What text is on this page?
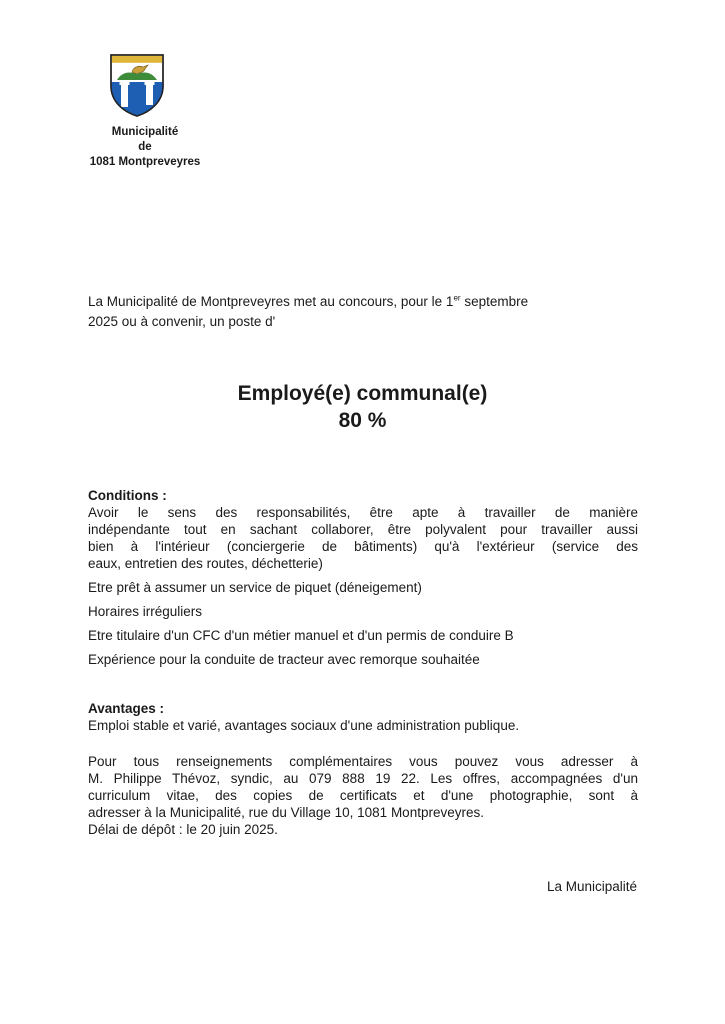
Municipalité
de
1081 Montpreveyres
La Municipalité de Montpreveyres met au concours, pour le 1er septembre
2025 ou à convenir, un poste d'
Employé(e) communal(e)
80 %
Conditions :
Avoir le sens des responsabilités, être apte à travailler de manière
indépendante tout en sachant collaborer, être polyvalent pour travailler aussi
bien à l'intérieur (conciergerie de bâtiments) qu'à l'extérieur (service des
eaux, entretien des routes, déchetterie)
Etre prêt à assumer un service de piquet (déneigement)
Horaires irréguliers
Etre titulaire d'un CFC d'un métier manuel et d'un permis de conduire B
Expérience pour la conduite de tracteur avec remorque souhaitée
Avantages :
Emploi stable et varié, avantages sociaux d'une administration publique.
Pour tous renseignements complémentaires vous pouvez vous adresser à
M. Philippe Thévoz, syndic, au 079 888 19 22. Les offres, accompagnées d'un
curriculum vitae, des copies de certificats et d'une photographie, sont à
adresser à la Municipalité, rue du Village 10, 1081 Montpreveyres.
Délai de dépôt : le 20 juin 2025.
La Municipalité
